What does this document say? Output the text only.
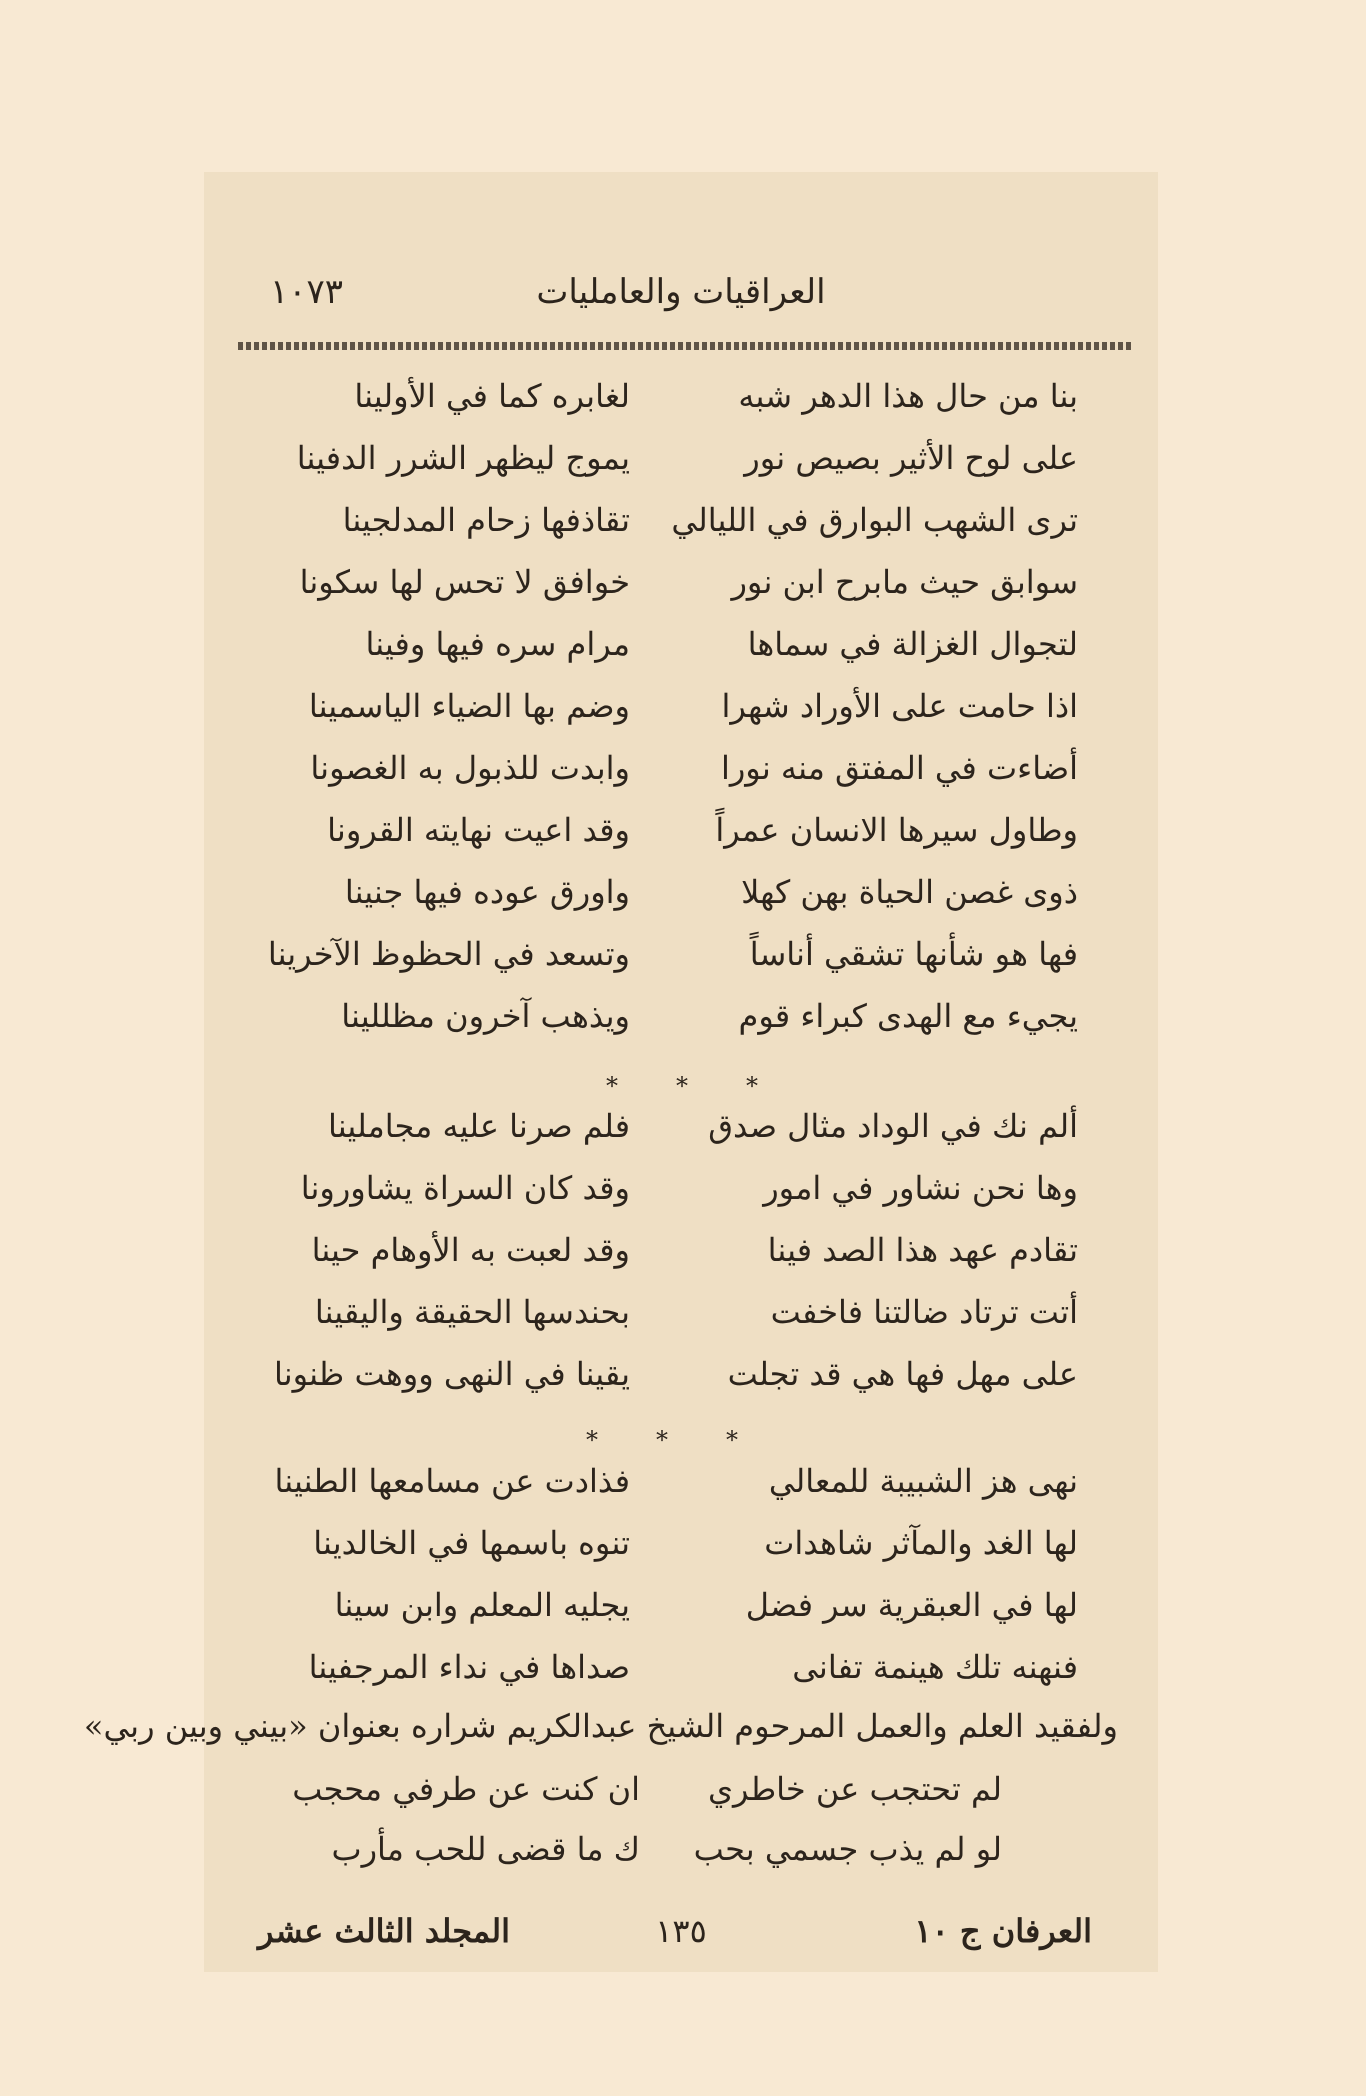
١٠٧٣	العراقيات والعامليات
بنا من حال هذا الدهر شبه
لغابره كما في الأولينا
على لوح الأثير بصيص نور
يموج ليظهر الشرر الدفينا
ترى الشهب البوارق في الليالي
تقاذفها زحام المدلجينا
سوابق حيث مابرح ابن نور
خوافق لا تحس لها سكونا
لتجوال الغزالة في سماها
مرام سره فيها وفينا
اذا حامت على الأوراد شهرا
وضم بها الضياء الياسمينا
أضاءت في المفتق منه نورا
وابدت للذبول به الغصونا
وطاول سيرها الانسان عمراً
وقد اعيت نهايته القرونا
ذوى غصن الحياة بهن كهلا
واورق عوده فيها جنينا
فها هو شأنها تشقي أناساً
وتسعد في الحظوظ الآخرينا
يجيء مع الهدى كبراء قوم
ويذهب آخرون مظللينا
*
*
*
ألم نك في الوداد مثال صدق
فلم صرنا عليه مجاملينا
وها نحن نشاور في امور
وقد كان السراة يشاورونا
تقادم عهد هذا الصد فينا
وقد لعبت به الأوهام حينا
أتت ترتاد ضالتنا فاخفت
بحندسها الحقيقة واليقينا
على مهل فها هي قد تجلت
يقينا في النهى ووهت ظنونا
*
*
*
نهى هز الشبيبة للمعالي
فذادت عن مسامعها الطنينا
لها الغد والمآثر شاهدات
تنوه باسمها في الخالدينا
لها في العبقرية سر فضل
يجليه المعلم وابن سينا
فنهنه تلك هينمة تفانى
صداها في نداء المرجفينا
ولفقيد العلم والعمل المرحوم الشيخ عبدالكريم شراره بعنوان «بيني وبين ربي»
لم تحتجب عن خاطري
ان كنت عن طرفي محجب
لو لم يذب جسمي بحب
ك ما قضى للحب مأرب
العرفان ج ١٠
١٣٥
المجلد الثالث عشر
